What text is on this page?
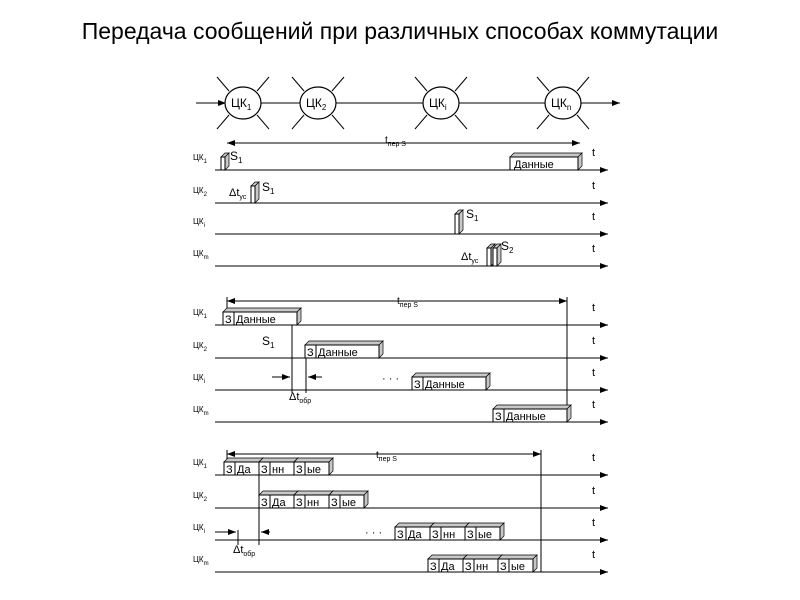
Передача сообщений при различных способах коммутации
$ЦК_1$	$ЦК_2$	$ЦК_i$	$ЦК_n$
$t_{пер S}$
t
$ЦК_1$
t
$ЦК_2$
t
$ЦК_i$
t
$ЦК_m$
$S_1$
$S_1$
$\Delta t_{ус}$
$S_1$
$S_2$
$\Delta t_{ус}$
Данные
$t_{пер S}$	t
$ЦК_1$
t
$ЦК_2$
t
$ЦК_i$
t
$ЦК_m$
З Данные
З Данные
З Данные
З Данные
$S_1$
$\Delta t_{обр}$
· · ·
$t_{пер S}$	t
$ЦК_1$
t
$ЦК_2$
t
$ЦК_i$
t
$ЦК_m$
З Да З нн З ые
З Да З нн З ые
З Да З нн З ые
З Да З нн З ые
$\Delta t_{обр}$
· · ·
